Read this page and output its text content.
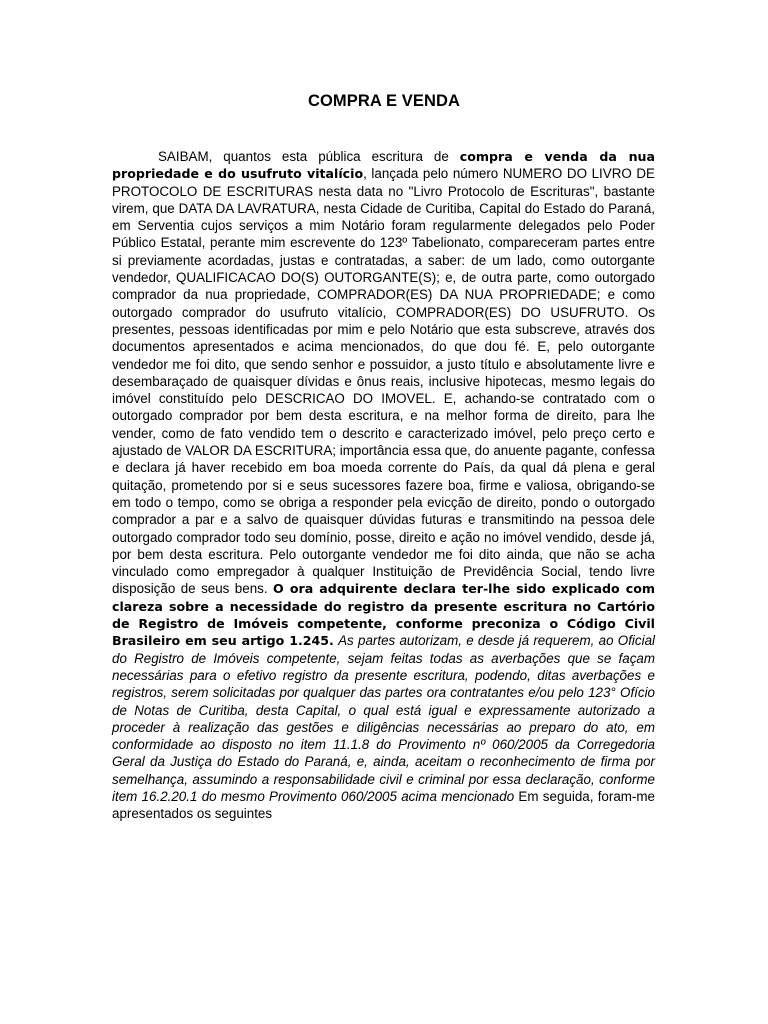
COMPRA E VENDA

SAIBAM, quantos esta pública escritura de compra e venda da nua propriedade e do usufruto vitalício, lançada pelo número NUMERO DO LIVRO DE PROTOCOLO DE ESCRITURAS nesta data no "Livro Protocolo de Escrituras", bastante virem, que DATA DA LAVRATURA, nesta Cidade de Curitiba, Capital do Estado do Paraná, em Serventia cujos serviços a mim Notário foram regularmente delegados pelo Poder Público Estatal, perante mim escrevente do 123º Tabelionato, compareceram partes entre si previamente acordadas, justas e contratadas, a saber: de um lado, como outorgante vendedor, QUALIFICACAO DO(S) OUTORGANTE(S); e, de outra parte, como outorgado comprador da nua propriedade, COMPRADOR(ES) DA NUA PROPRIEDADE; e como outorgado comprador do usufruto vitalício, COMPRADOR(ES) DO USUFRUTO. Os presentes, pessoas identificadas por mim e pelo Notário que esta subscreve, através dos documentos apresentados e acima mencionados, do que dou fé. E, pelo outorgante vendedor me foi dito, que sendo senhor e possuidor, a justo título e absolutamente livre e desembaraçado de quaisquer dívidas e ônus reais, inclusive hipotecas, mesmo legais do imóvel constituído pelo DESCRICAO DO IMOVEL. E, achando-se contratado com o outorgado comprador por bem desta escritura, e na melhor forma de direito, para lhe vender, como de fato vendido tem o descrito e caracterizado imóvel, pelo preço certo e ajustado de VALOR DA ESCRITURA; importância essa que, do anuente pagante, confessa e declara já haver recebido em boa moeda corrente do País, da qual dá plena e geral quitação, prometendo por si e seus sucessores fazere boa, firme e valiosa, obrigando-se em todo o tempo, como se obriga a responder pela evicção de direito, pondo o outorgado comprador a par e a salvo de quaisquer dúvidas futuras e transmitindo na pessoa dele outorgado comprador todo seu domínio, posse, direito e ação no imóvel vendido, desde já, por bem desta escritura. Pelo outorgante vendedor me foi dito ainda, que não se acha vinculado como empregador à qualquer Instituição de Previdência Social, tendo livre disposição de seus bens. O ora adquirente declara ter-lhe sido explicado com clareza sobre a necessidade do registro da presente escritura no Cartório de Registro de Imóveis competente, conforme preconiza o Código Civil Brasileiro em seu artigo 1.245. As partes autorizam, e desde já requerem, ao Oficial do Registro de Imóveis competente, sejam feitas todas as averbações que se façam necessárias para o efetivo registro da presente escritura, podendo, ditas averbações e registros, serem solicitadas por qualquer das partes ora contratantes e/ou pelo 123° Ofício de Notas de Curitiba, desta Capital, o qual está igual e expressamente autorizado a proceder à realização das gestões e diligências necessárias ao preparo do ato, em conformidade ao disposto no item 11.1.8 do Provimento nº 060/2005 da Corregedoria Geral da Justiça do Estado do Paraná, e, ainda, aceitam o reconhecimento de firma por semelhança, assumindo a responsabilidade civil e criminal por essa declaração, conforme item 16.2.20.1 do mesmo Provimento 060/2005 acima mencionado Em seguida, foram-me apresentados os seguintes
